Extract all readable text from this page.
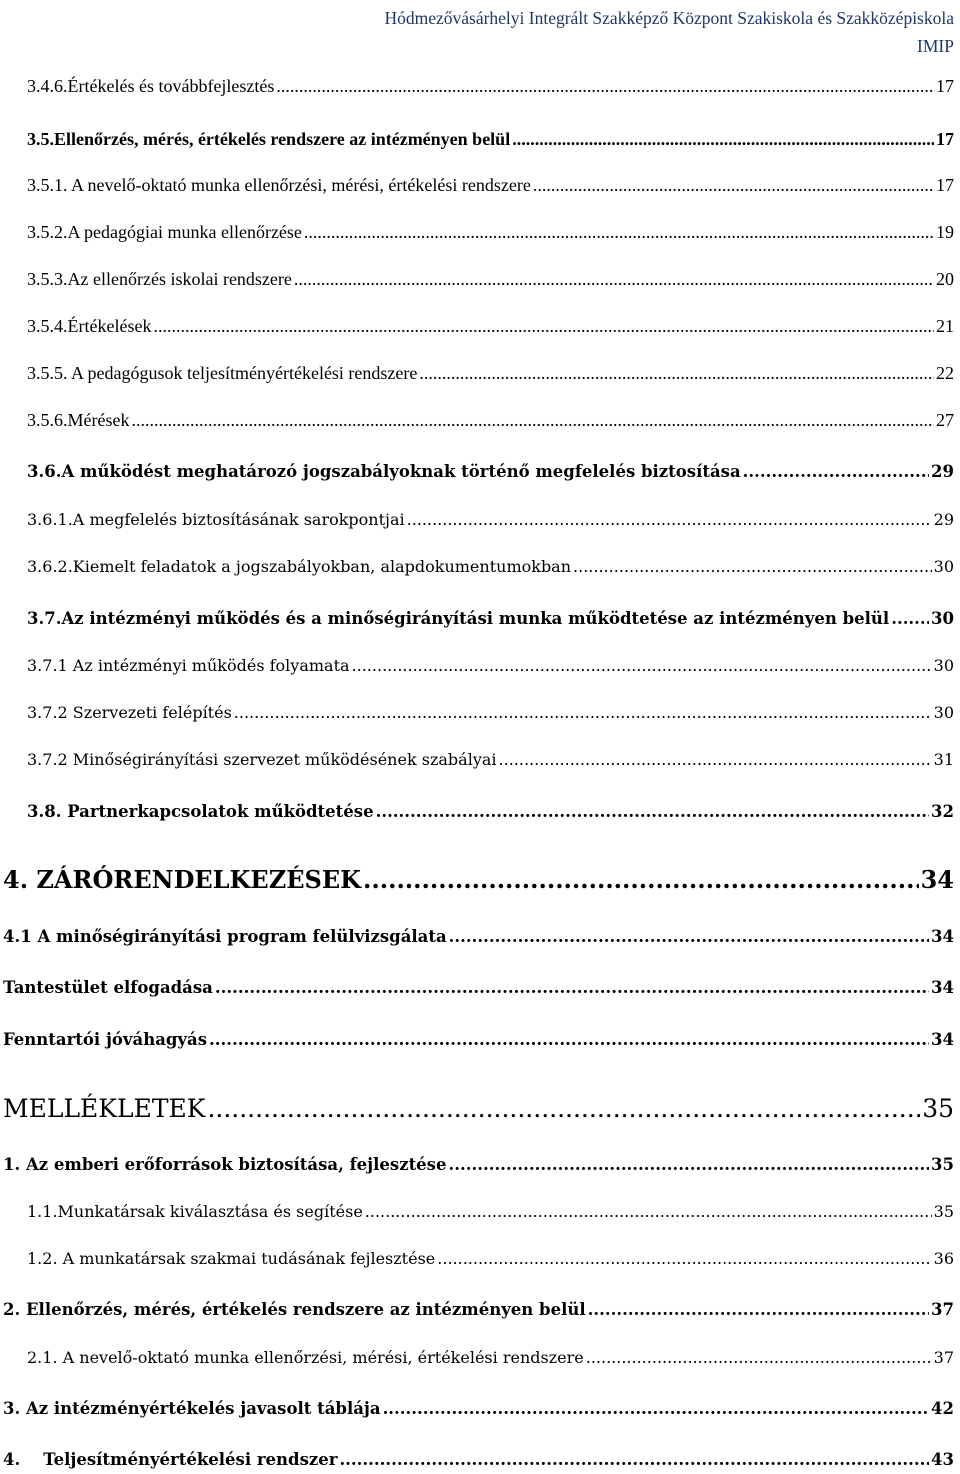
Hódmezővásárhelyi Integrált Szakképző Központ Szakiskola és Szakközépiskola
IMIP
3.4.6.Értékelés és továbbfejlesztés .....	17
3.5.Ellenőrzés, mérés, értékelés rendszere az intézményen belül .....	17
3.5.1. A nevelő-oktató munka ellenőrzési, mérési, értékelési rendszere .....	17
3.5.2.A pedagógiai munka ellenőrzése .....	19
3.5.3.Az ellenőrzés iskolai rendszere .....	20
3.5.4.Értékelések .....	21
3.5.5. A pedagógusok teljesítményértékelési rendszere .....	22
3.5.6.Mérések .....	27
3.6.A működést meghatározó jogszabályoknak történő megfelelés biztosítása .....	29
3.6.1.A megfelelés biztosításának sarokpontjai .....	29
3.6.2.Kiemelt feladatok a jogszabályokban, alapdokumentumokban .....	30
3.7.Az intézményi működés és a minőségirányítási munka működtetése az intézményen belül .....	30
3.7.1 Az intézményi működés folyamata .....	30
3.7.2 Szervezeti felépítés .....	30
3.7.2 Minőségirányítási szervezet működésének szabályai .....	31
3.8. Partnerkapcsolatok működtetése .....	32
4. ZÁRÓRENDELKEZÉSEK .....	34
4.1 A minőségirányítási program felülvizsgálata .....	34
Tantestület elfogadása .....	34
Fenntartói jóváhagyás .....	34
MELLÉKLETEK .....	35
1. Az emberi erőforrások biztosítása, fejlesztése .....	35
1.1.Munkatársak kiválasztása és segítése .....	35
1.2. A munkatársak szakmai tudásának fejlesztése .....	36
2. Ellenőrzés, mérés, értékelés rendszere az intézményen belül .....	37
2.1. A nevelő-oktató munka ellenőrzési, mérési, értékelési rendszere .....	37
3. Az intézményértékelés javasolt táblája .....	42
4.    Teljesítményértékelési rendszer .....	43
